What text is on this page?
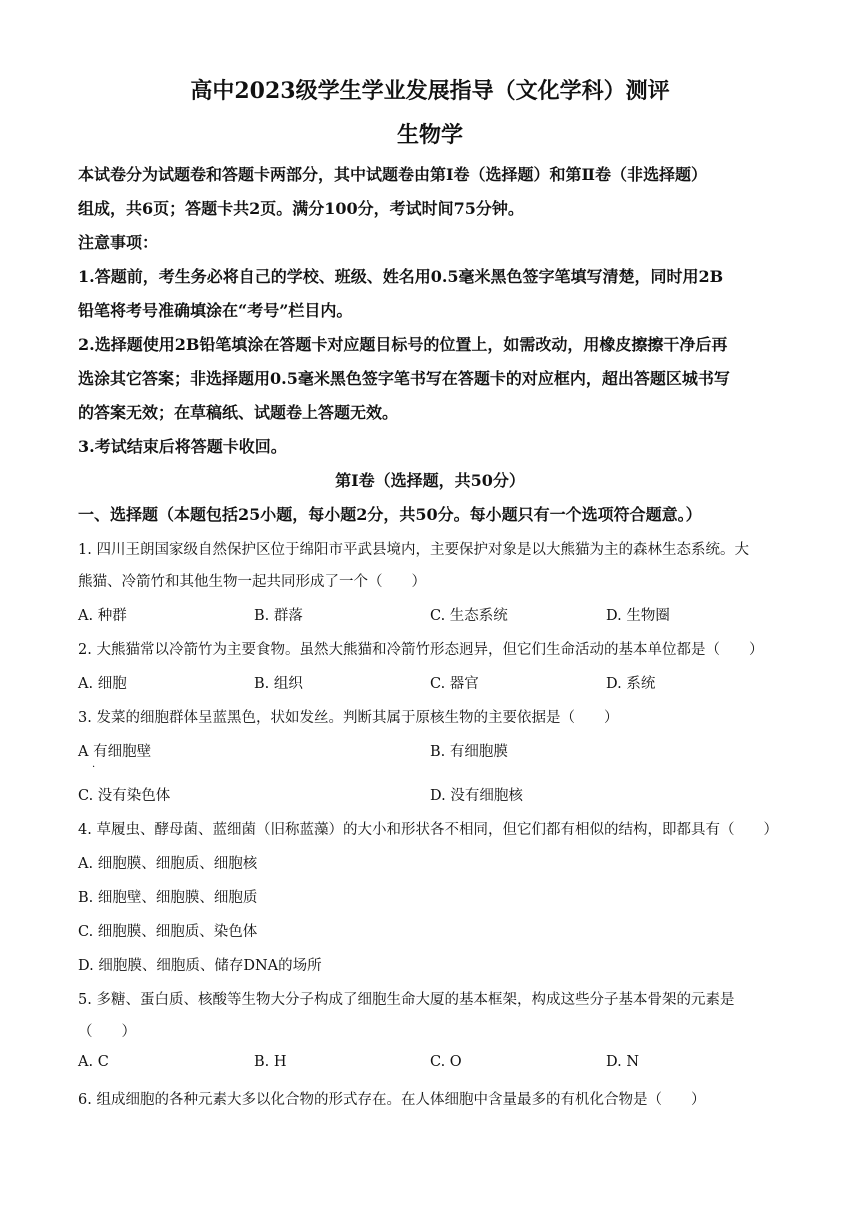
高中2023级学生学业发展指导（文化学科）测评
生物学
本试卷分为试题卷和答题卡两部分，其中试题卷由第Ⅰ卷（选择题）和第Ⅱ卷（非选择题）
组成，共6页；答题卡共2页。满分100分，考试时间75分钟。
注意事项：
1.答题前，考生务必将自己的学校、班级、姓名用0.5毫米黑色签字笔填写清楚，同时用2B
铅笔将考号准确填涂在“考号”栏目内。
2.选择题使用2B铅笔填涂在答题卡对应题目标号的位置上，如需改动，用橡皮擦擦干净后再
选涂其它答案；非选择题用0.5毫米黑色签字笔书写在答题卡的对应框内，超出答题区城书写
的答案无效；在草稿纸、试题卷上答题无效。
3.考试结束后将答题卡收回。
第Ⅰ卷（选择题，共50分）
一、选择题（本题包括25小题，每小题2分，共50分。每小题只有一个选项符合题意。）
1. 四川王朗国家级自然保护区位于绵阳市平武县境内，主要保护对象是以大熊猫为主的森林生态系统。大
熊猫、冷箭竹和其他生物一起共同形成了一个（　　）
A. 种群	B. 群落	C. 生态系统	D. 生物圈
2. 大熊猫常以冷箭竹为主要食物。虽然大熊猫和冷箭竹形态迥异，但它们生命活动的基本单位都是（　　）
A. 细胞	B. 组织	C. 器官	D. 系统
3. 发菜的细胞群体呈蓝黑色，状如发丝。判断其属于原核生物的主要依据是（　　）
A 有细胞壁
·
B. 有细胞膜
C. 没有染色体	D. 没有细胞核
4. 草履虫、酵母菌、蓝细菌（旧称蓝藻）的大小和形状各不相同，但它们都有相似的结构，即都具有（　　）
A. 细胞膜、细胞质、细胞核
B. 细胞壁、细胞膜、细胞质
C. 细胞膜、细胞质、染色体
D. 细胞膜、细胞质、储存DNA的场所
5. 多糖、蛋白质、核酸等生物大分子构成了细胞生命大厦的基本框架，构成这些分子基本骨架的元素是
（　　）
A. C	B. H	C. O	D. N
6. 组成细胞的各种元素大多以化合物的形式存在。在人体细胞中含量最多的有机化合物是（　　）
